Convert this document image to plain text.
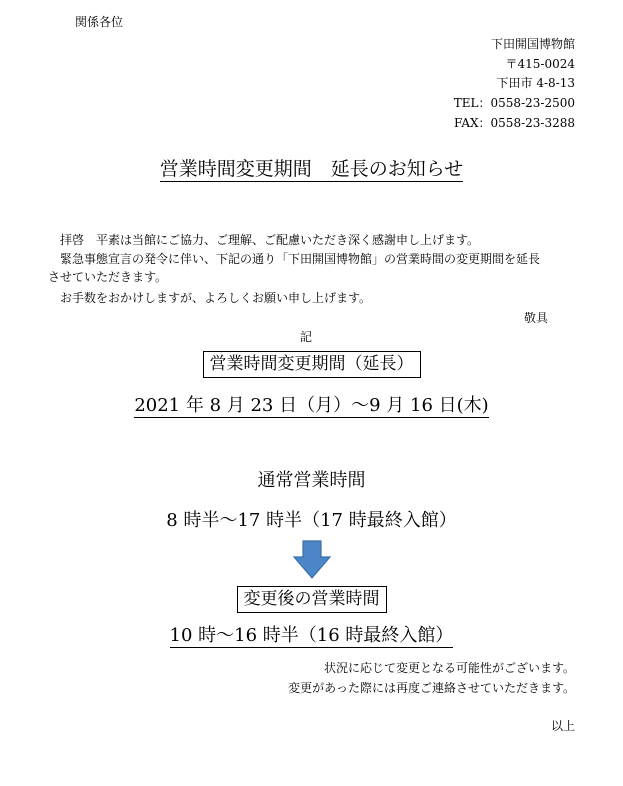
関係各位
下田開国博物館
〒415-0024
下田市 4-8-13
TEL：0558-23-2500
FAX：0558-23-3288
営業時間変更期間　延長のお知らせ
拝啓　平素は当館にご協力、ご理解、ご配慮いただき深く感謝申し上げます。
緊急事態宣言の発令に伴い、下記の通り「下田開国博物館」の営業時間の変更期間を延長
させていただきます。
お手数をおかけしますが、よろしくお願い申し上げます。
敬具
記
営業時間変更期間（延長）
2021 年 8 月 23 日（月）～9 月 16 日(木)
通常営業時間
8 時半～17 時半（17 時最終入館）
変更後の営業時間
10 時～16 時半（16 時最終入館）
状況に応じて変更となる可能性がございます。
変更があった際には再度ご連絡させていただきます。
以上
